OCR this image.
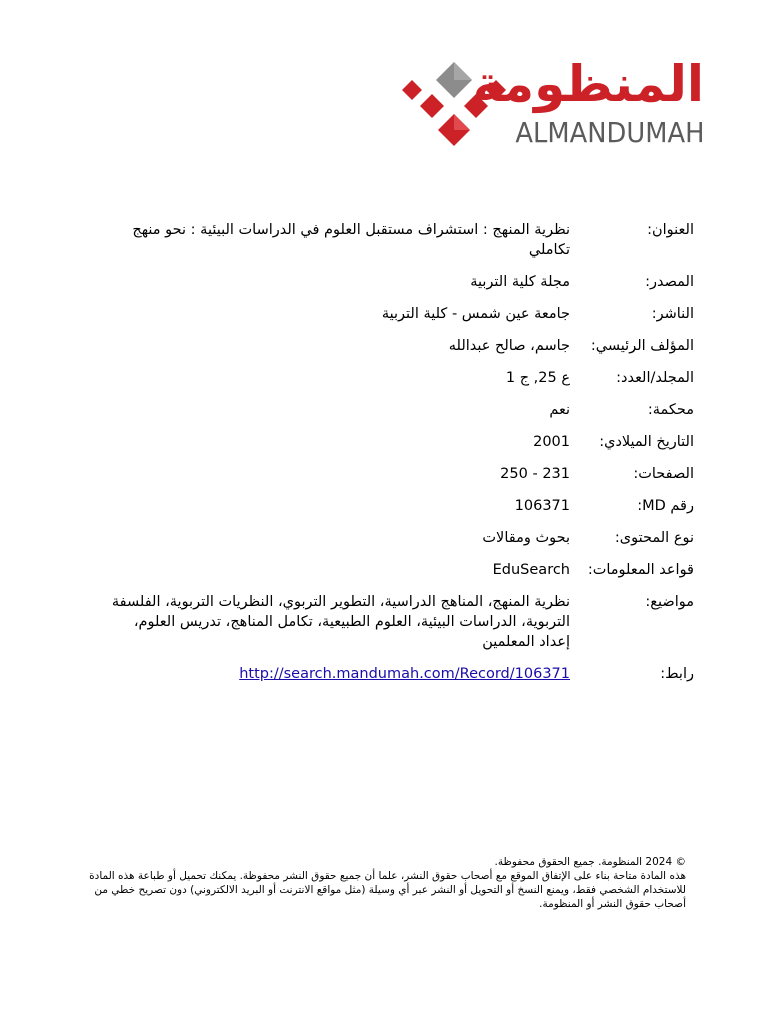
المنظومة
ALMANDUMAH
العنوان:
نظرية المنهج : استشراف مستقبل العلوم في الدراسات البيئية : نحو منهج تكاملي
المصدر:
مجلة كلية التربية
الناشر:
جامعة عين شمس - كلية التربية
المؤلف الرئيسي:
جاسم، صالح عبدالله
المجلد/العدد:
ع 25, ج 1
محكمة:
نعم
التاريخ الميلادي:
2001
الصفحات:
231 - 250
رقم MD:
106371
نوع المحتوى:
بحوث ومقالات
قواعد المعلومات:
EduSearch
مواضيع:
نظرية المنهج، المناهج الدراسية، التطوير التربوي، النظريات التربوية، الفلسفة التربوية، الدراسات البيئية، العلوم الطبيعية، تكامل المناهج، تدريس العلوم، إعداد المعلمين
رابط:
http://search.mandumah.com/Record/106371
© 2024 المنظومة. جميع الحقوق محفوظة.
هذه المادة متاحة بناء على الإتفاق الموقع مع أصحاب حقوق النشر، علما أن جميع حقوق النشر محفوظة. يمكنك تحميل أو طباعة هذه المادة للاستخدام الشخصي فقط، ويمنع النسخ أو التحويل أو النشر عبر أي وسيلة (مثل مواقع الانترنت أو البريد الالكتروني) دون تصريح خطي من أصحاب حقوق النشر أو المنظومة.
